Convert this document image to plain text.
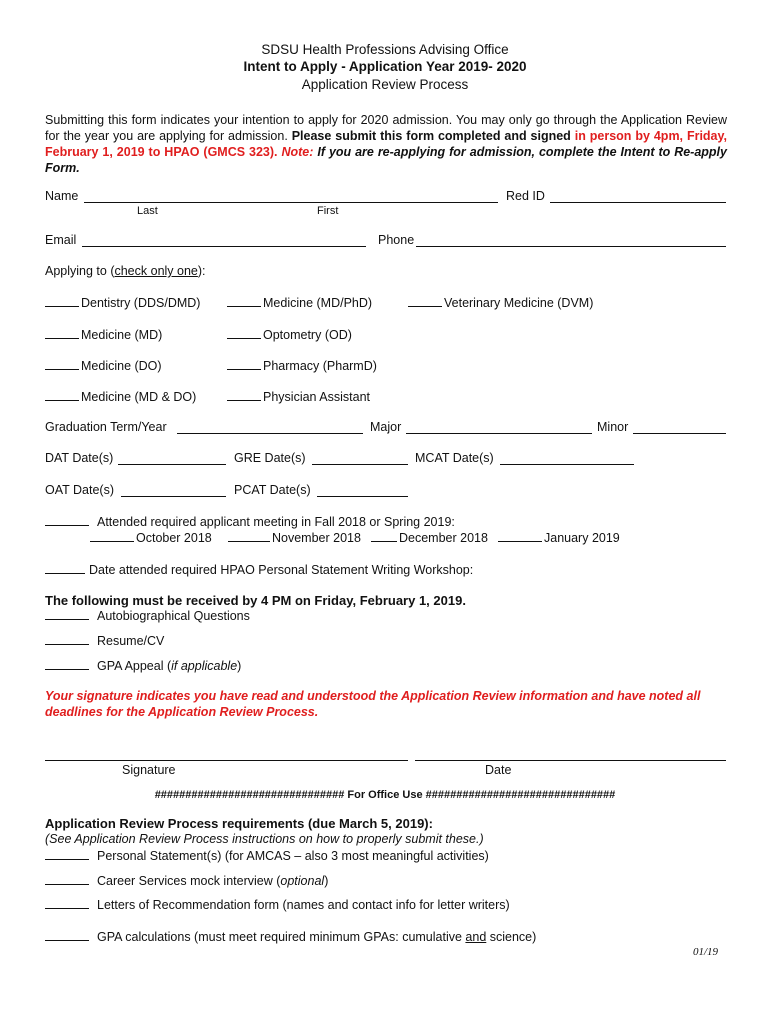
SDSU Health Professions Advising Office
Intent to Apply - Application Year 2019- 2020
Application Review Process
Submitting this form indicates your intention to apply for 2020 admission. You may only go through the Application Review for the year you are applying for admission. Please submit this form completed and signed in person by 4pm, Friday, February 1, 2019 to HPAO (GMCS 323). Note: If you are re-applying for admission, complete the Intent to Re-apply Form.
Name	Red ID
Last	First
Email	Phone
Applying to (check only one):
Dentistry (DDS/DMD)	Medicine (MD/PhD)	Veterinary Medicine (DVM)
Medicine (MD)	Optometry (OD)
Medicine (DO)	Pharmacy (PharmD)
Medicine (MD & DO)	Physician Assistant
Graduation Term/Year	Major	Minor
DAT Date(s)	GRE Date(s)	MCAT Date(s)
OAT Date(s)	PCAT Date(s)
Attended required applicant meeting in Fall 2018 or Spring 2019:
October 2018	November 2018	December 2018	January 2019
Date attended required HPAO Personal Statement Writing Workshop:
The following must be received by 4 PM on Friday, February 1, 2019.
Autobiographical Questions
Resume/CV
GPA Appeal (if applicable)
Your signature indicates you have read and understood the Application Review information and have noted all deadlines for the Application Review Process.
Signature	Date
############################### For Office Use ###############################
Application Review Process requirements (due March 5, 2019):
(See Application Review Process instructions on how to properly submit these.)
Personal Statement(s) (for AMCAS – also 3 most meaningful activities)
Career Services mock interview (optional)
Letters of Recommendation form (names and contact info for letter writers)
GPA calculations (must meet required minimum GPAs: cumulative and science)
01/19
